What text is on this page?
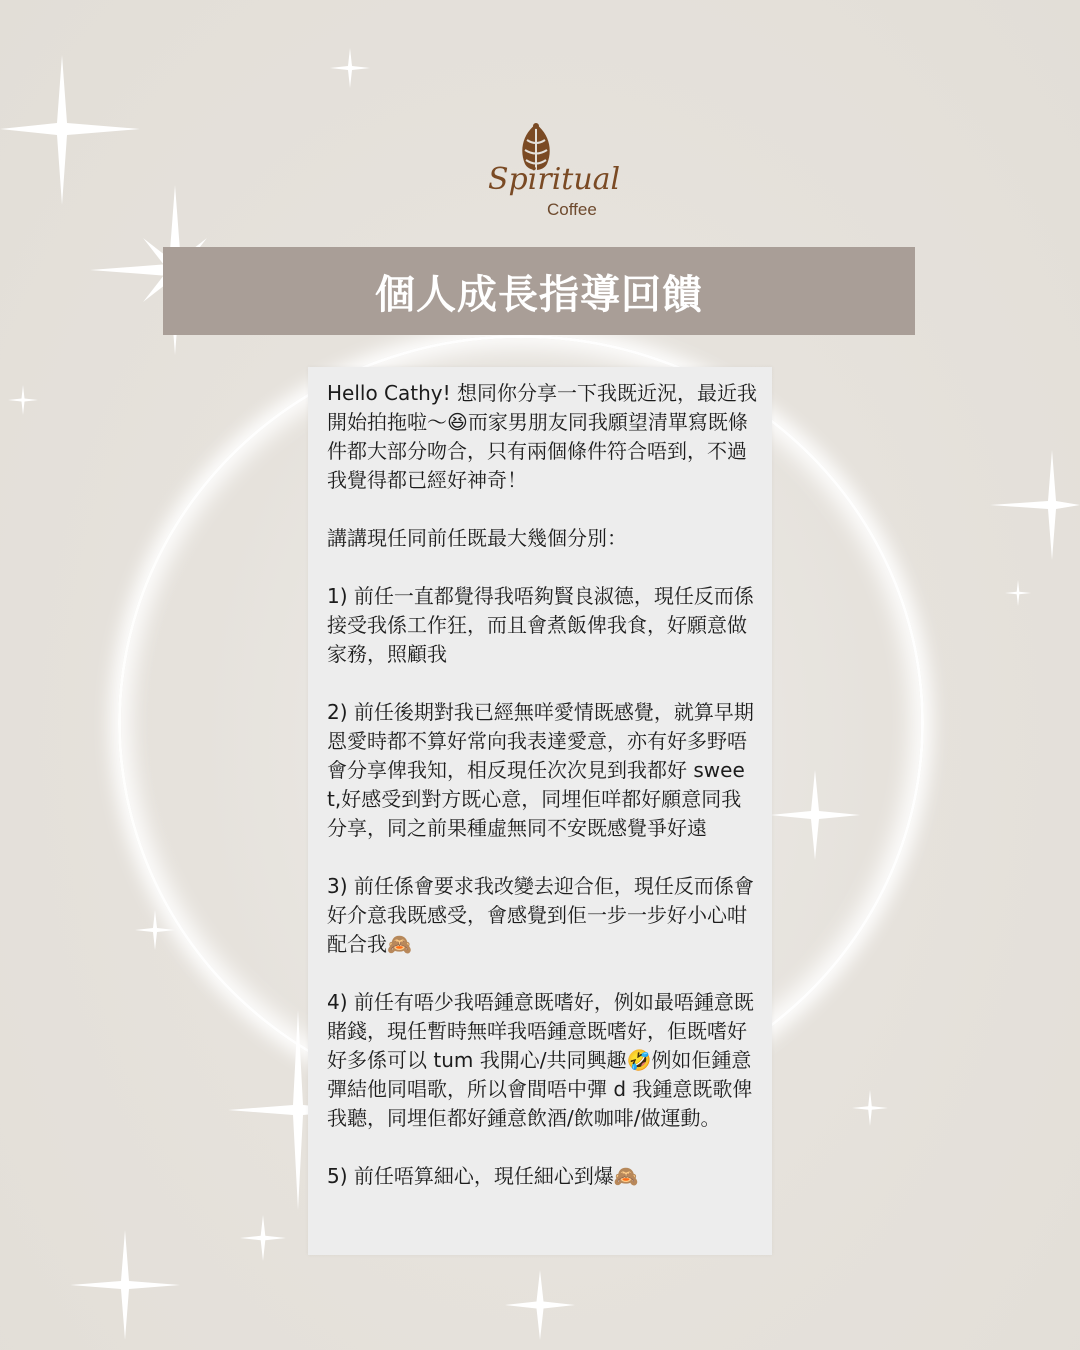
Spiritual
Coffee
個人成長指導回饋
Hello Cathy! 想同你分享一下我既近況，最近我開始拍拖啦～😆而家男朋友同我願望清單寫既條件都大部分吻合，只有兩個條件符合唔到，不過我覺得都已經好神奇！

講講現任同前任既最大幾個分別：

1) 前任一直都覺得我唔夠賢良淑德，現任反而係接受我係工作狂，而且會煮飯俾我食，好願意做家務，照顧我

2) 前任後期對我已經無咩愛情既感覺，就算早期恩愛時都不算好常向我表達愛意，亦有好多野唔會分享俾我知，相反現任次次見到我都好 sweet,好感受到對方既心意，同埋佢咩都好願意同我分享，同之前果種虛無同不安既感覺爭好遠

3) 前任係會要求我改變去迎合佢，現任反而係會好介意我既感受，會感覺到佢一步一步好小心咁配合我🙈

4) 前任有唔少我唔鍾意既嗜好，例如最唔鍾意既賭錢，現任暫時無咩我唔鍾意既嗜好，佢既嗜好好多係可以 tum 我開心/共同興趣🤣例如佢鍾意彈結他同唱歌，所以會間唔中彈 d 我鍾意既歌俾我聽，同埋佢都好鍾意飲酒/飲咖啡/做運動。

5) 前任唔算細心，現任細心到爆🙈
